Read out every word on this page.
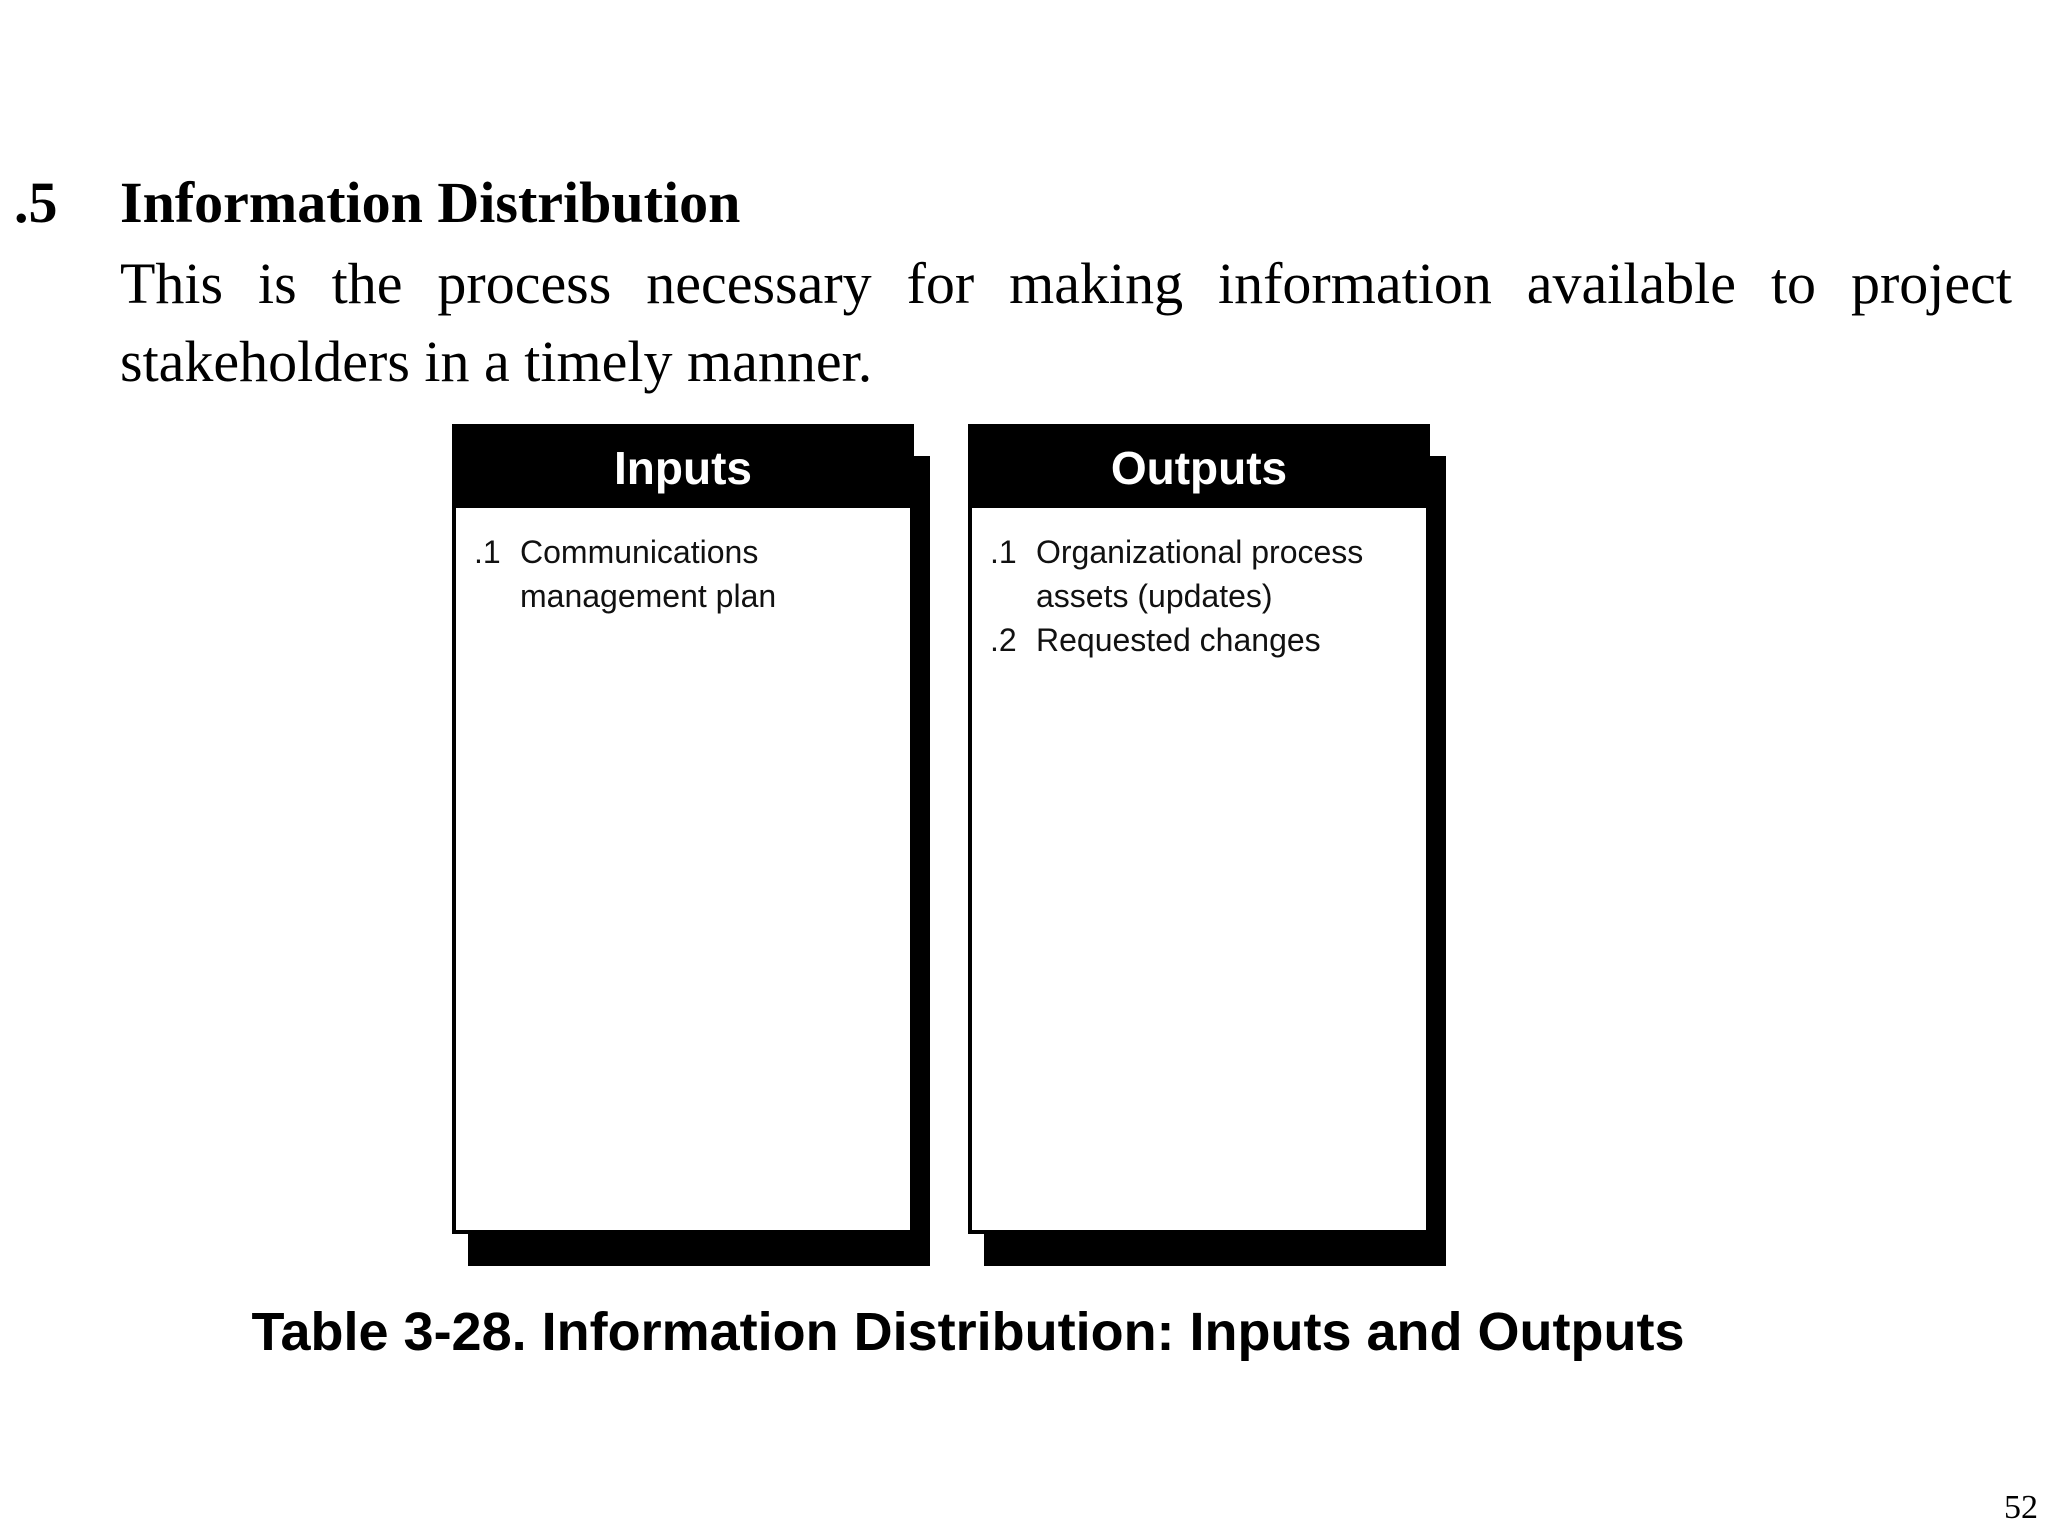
.5 Information Distribution
This is the process necessary for making information available to project stakeholders in a timely manner.
Inputs
.1 Communications management plan
Outputs
.1 Organizational process assets (updates)
.2 Requested changes
Table 3-28. Information Distribution: Inputs and Outputs
52
